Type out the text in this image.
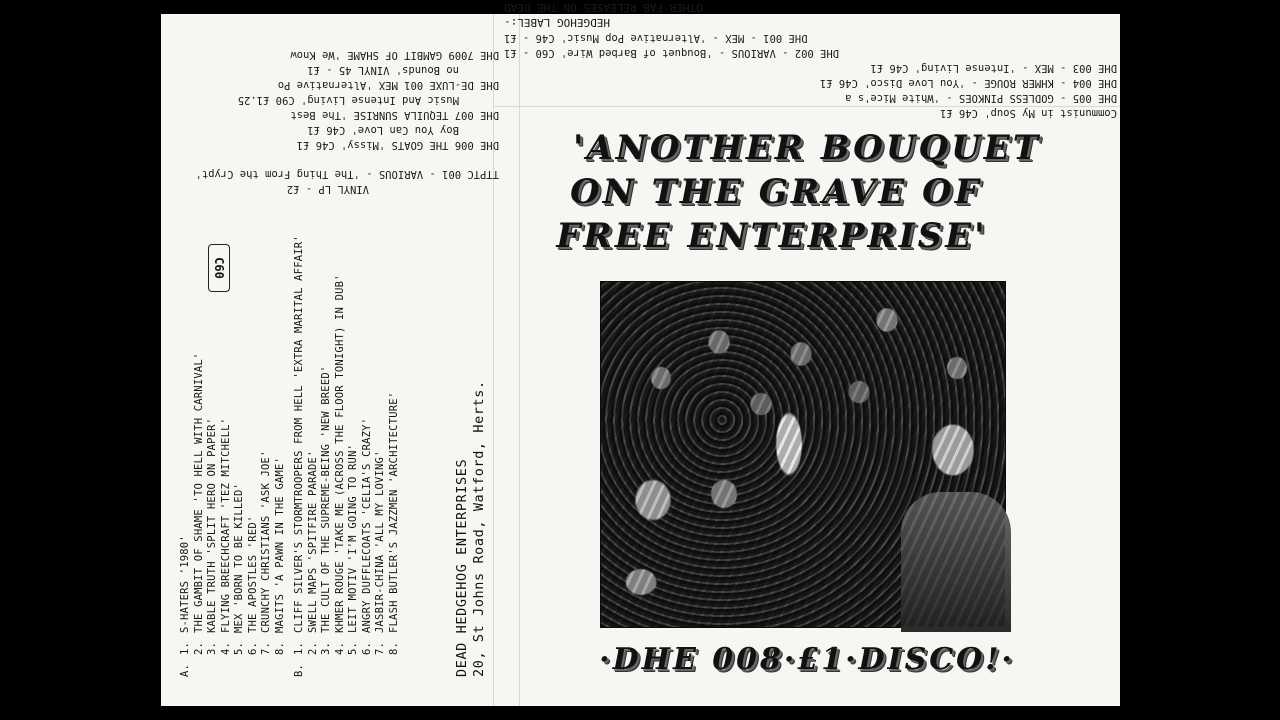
Communist in My Soup' C46 £1
DHE 005 - GODLESS PINKOES - 'White Mice's a
DHE 004 - KHMER ROUGE - 'You Love Disco' C46 £1
DHE 003 - MEX - 'Intense Living' C46 £1
DHE 002 - VARIOUS - 'Bouquet of Barbed Wire' C60 - £1
DHE 001 - MEX - 'Alternative Pop Music' C46 - £1
HEDGEHOG LABEL:-
OTHER FAB RELEASES ON THE DEAD
VINYL LP - £2
TTPTC 001 - VARIOUS - 'The Thing From the Crypt'
DHE 006 THE GOATS 'Missy' C46 £1
Boy You Can Love' C46 £1
DHE 007 TEQUILA SUNRISE 'The Best
Music And Intense Living' C90 £1.25
DHE DE-LUXE 001 MEX 'Alternative Po
no Bounds' VINYL 45 - £1
DHE 7009 GAMBIT OF SHAME 'We Know
C60
A.
1.
S-HATERS '1980'
2.
THE GAMBIT OF SHAME 'TO HELL WITH CARNIVAL'
3.
KABLE TRUTH 'SPLIT HERO ON PAPER'
4.
FLYING BREECHCRAFT 'TEZ MITCHELL'
5.
MEX 'BORN TO BE KILLED'
6.
THE APOSTLES 'RED'
7.
CRUNCHY CHRISTIANS 'ASK JOE'
8.
MAGITS 'A PAWN IN THE GAME'
B.
1.
CLIFF SILVER'S STORMTROOPERS FROM HELL 'EXTRA MARITAL AFFAIR'
2.
SWELL MAPS 'SPITFIRE PARADE'
3.
THE CULT OF THE SUPREME-BEING 'NEW BREED'
4.
KHMER ROUGE 'TAKE ME (ACROSS THE FLOOR TONIGHT) IN DUB'
5.
LEIT MOTIV 'I'M GOING TO RUN'
6.
ANGRY DUFFLECOATS 'CELIA'S CRAZY'
7.
JASBIR-CHINA 'ALL MY LOVING'
8.
FLASH BUTLER'S JAZZMEN 'ARCHITECTURE'	DEAD HEDGEHOG ENTERPRISES 20, St Johns Road, Watford, Herts.
'ANOTHER BOUQUET
ON THE GRAVE OF
FREE ENTERPRISE'
·DHE 008·£1·DISCO!·
